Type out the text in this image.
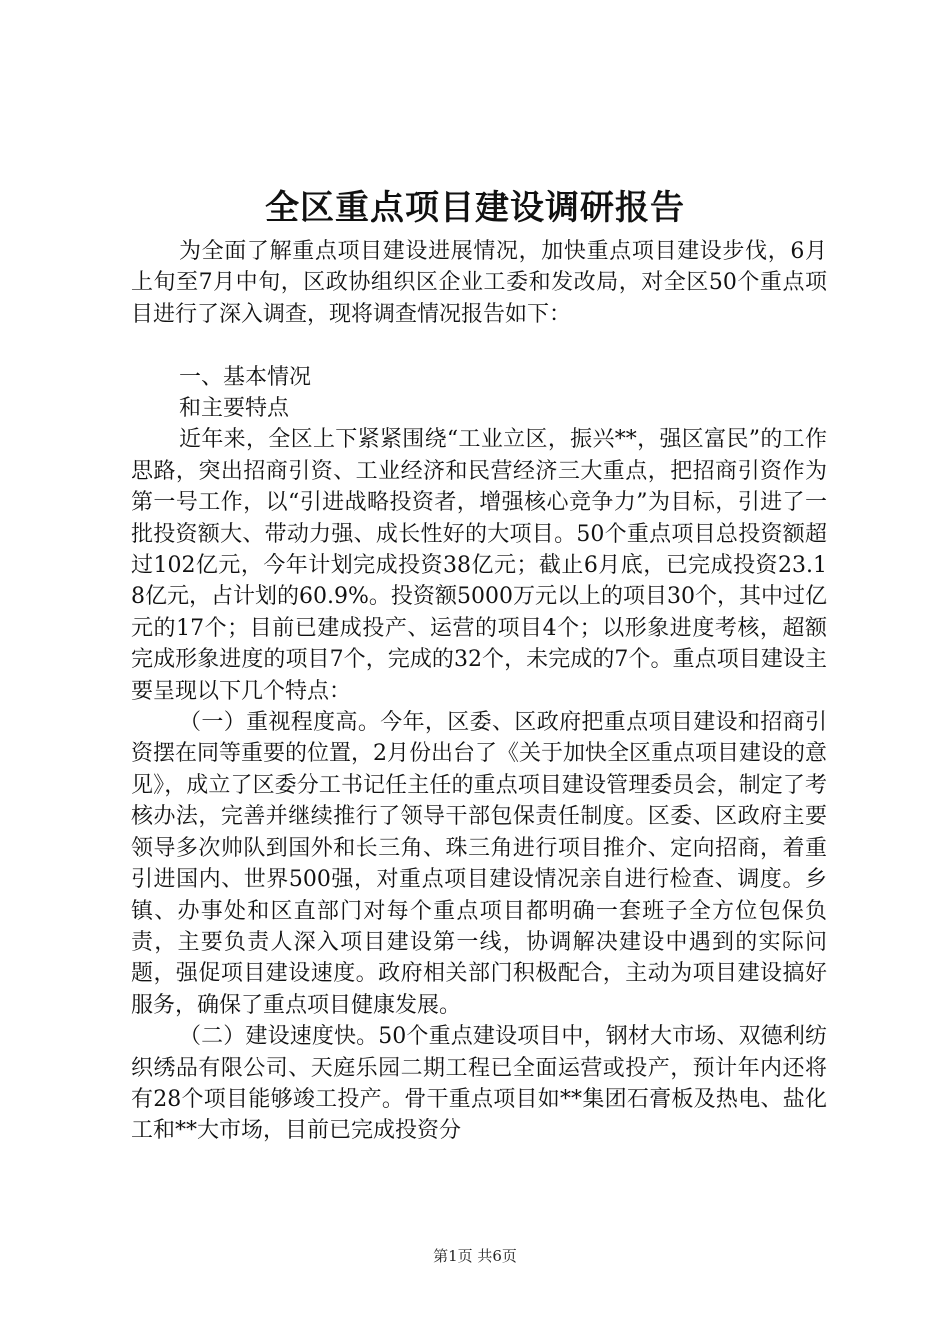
全区重点项目建设调研报告

为全面了解重点项目建设进展情况，加快重点项目建设步伐，6月上旬至7月中旬，区政协组织区企业工委和发改局，对全区50个重点项目进行了深入调查，现将调查情况报告如下：

一、基本情况

和主要特点

近年来，全区上下紧紧围绕“工业立区，振兴**，强区富民”的工作思路，突出招商引资、工业经济和民营经济三大重点，把招商引资作为第一号工作，以“引进战略投资者，增强核心竞争力”为目标，引进了一批投资额大、带动力强、成长性好的大项目。50个重点项目总投资额超过102亿元，今年计划完成投资38亿元；截止6月底，已完成投资23.18亿元，占计划的60.9%。投资额5000万元以上的项目30个，其中过亿元的17个；目前已建成投产、运营的项目4个；以形象进度考核，超额完成形象进度的项目7个，完成的32个，未完成的7个。重点项目建设主要呈现以下几个特点：

（一）重视程度高。今年，区委、区政府把重点项目建设和招商引资摆在同等重要的位置，2月份出台了《关于加快全区重点项目建设的意见》，成立了区委分工书记任主任的重点项目建设管理委员会，制定了考核办法，完善并继续推行了领导干部包保责任制度。区委、区政府主要领导多次帅队到国外和长三角、珠三角进行项目推介、定向招商，着重引进国内、世界500强，对重点项目建设情况亲自进行检查、调度。乡镇、办事处和区直部门对每个重点项目都明确一套班子全方位包保负责，主要负责人深入项目建设第一线，协调解决建设中遇到的实际问题，强促项目建设速度。政府相关部门积极配合，主动为项目建设搞好服务，确保了重点项目健康发展。

（二）建设速度快。50个重点建设项目中，钢材大市场、双德利纺织绣品有限公司、天庭乐园二期工程已全面运营或投产，预计年内还将有28个项目能够竣工投产。骨干重点项目如**集团石膏板及热电、盐化工和**大市场，目前已完成投资分

第1页 共6页
